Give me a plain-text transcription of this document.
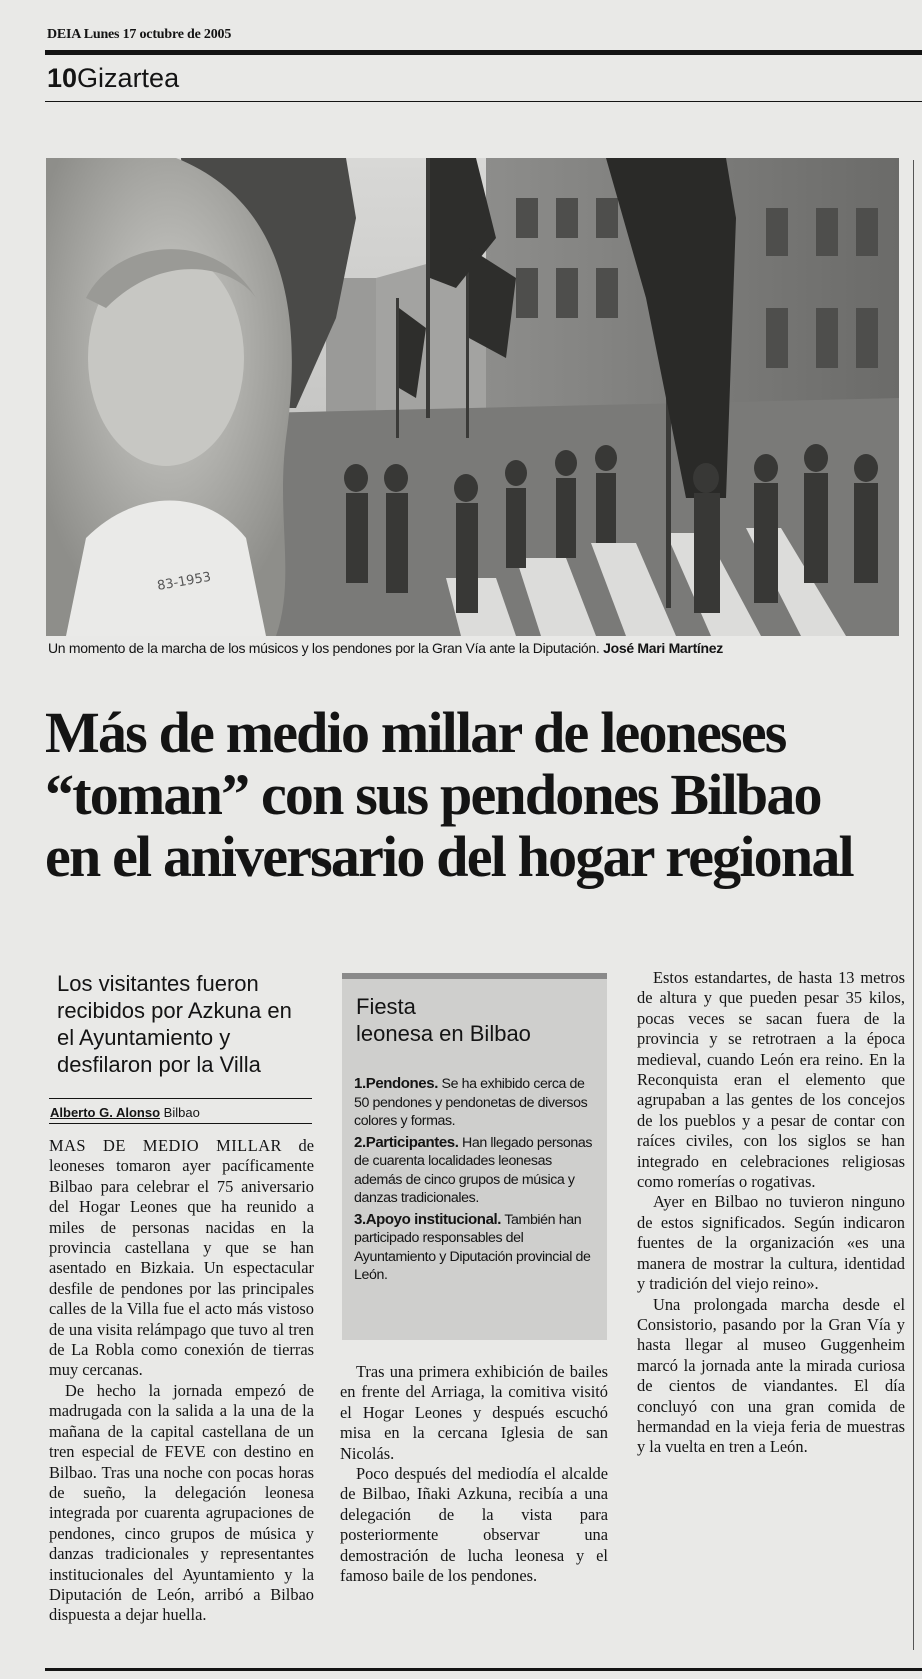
DEIA Lunes 17 octubre de 2005
10Gizartea
83-1953
Un momento de la marcha de los músicos y los pendones por la Gran Vía ante la Diputación. José Mari Martínez
Más de medio millar de leoneses
“toman” con sus pendones Bilbao
en el aniversario del hogar regional
Los visitantes fueron recibidos por Azkuna en el Ayuntamiento y desfilaron por la Villa
Alberto G. Alonso Bilbao

MAS DE MEDIO MILLAR de leoneses tomaron ayer pacíficamente Bilbao para celebrar el 75 aniversario del Hogar Leones que ha reunido a miles de personas nacidas en la provincia castellana y que se han asentado en Bizkaia. Un espectacular desfile de pendones por las principales calles de la Villa fue el acto más vistoso de una visita relámpago que tuvo al tren de La Robla como conexión de tierras muy cercanas.

De hecho la jornada empezó de madrugada con la salida a la una de la mañana de la capital castellana de un tren especial de FEVE con destino en Bilbao. Tras una noche con pocas horas de sueño, la delegación leonesa integrada por cuarenta agrupaciones de pendones, cinco grupos de música y danzas tradicionales y representantes institucionales del Ayuntamiento y la Diputación de León, arribó a Bilbao dispuesta a dejar huella.

Fiesta
leonesa en Bilbao
1.Pendones. Se ha exhibido cerca de 50 pendones y pendonetas de diversos colores y formas.
2.Participantes. Han llegado personas de cuarenta localidades leonesas además de cinco grupos de música y danzas tradicionales.
3.Apoyo institucional. También han participado responsables del Ayuntamiento y Diputación provincial de León.

Tras una primera exhibición de bailes en frente del Arriaga, la comitiva visitó el Hogar Leones y después escuchó misa en la cercana Iglesia de san Nicolás.

Poco después del mediodía el alcalde de Bilbao, Iñaki Azkuna, recibía a una delegación de la vista para posteriormente observar una demostración de lucha leonesa y el famoso baile de los pendones.

Estos estandartes, de hasta 13 metros de altura y que pueden pesar 35 kilos, pocas veces se sacan fuera de la provincia y se retrotraen a la época medieval, cuando León era reino. En la Reconquista eran el elemento que agrupaban a las gentes de los concejos de los pueblos y a pesar de contar con raíces civiles, con los siglos se han integrado en celebraciones religiosas como romerías o rogativas.

Ayer en Bilbao no tuvieron ninguno de estos significados. Según indicaron fuentes de la organización «es una manera de mostrar la cultura, identidad y tradición del viejo reino».

Una prolongada marcha desde el Consistorio, pasando por la Gran Vía y hasta llegar al museo Guggenheim marcó la jornada ante la mirada curiosa de cientos de viandantes. El día concluyó con una gran comida de hermandad en la vieja feria de muestras y la vuelta en tren a León.
